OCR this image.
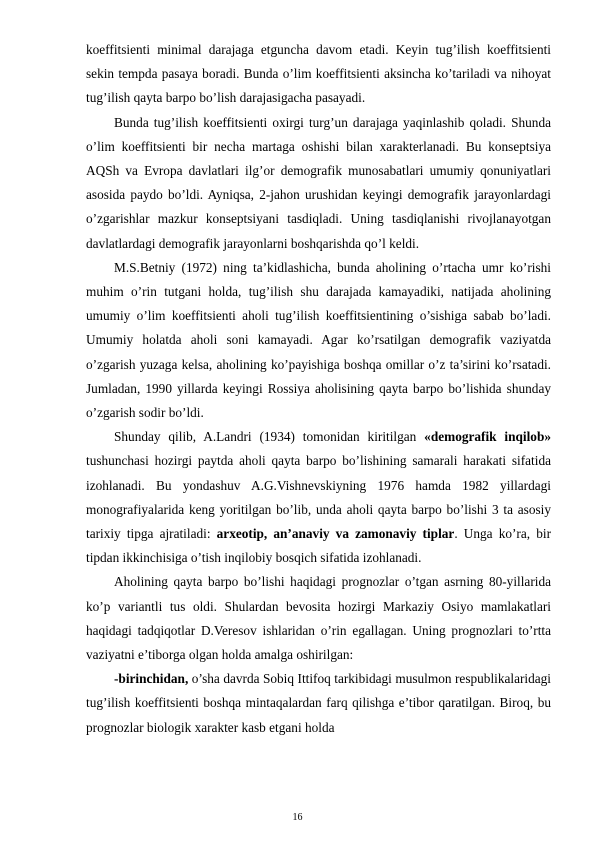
koeffitsienti minimal darajaga etguncha davom etadi. Keyin tug’ilish koeffitsienti sekin tempda pasaya boradi. Bunda o’lim koeffitsienti aksincha ko’tariladi va nihoyat tug’ilish qayta barpo bo’lish darajasigacha pasayadi.

Bunda tug’ilish koeffitsienti oxirgi turg’un darajaga yaqinlashib qoladi. Shunda o’lim koeffitsienti bir necha martaga oshishi bilan xarakterlanadi. Bu konseptsiya AQSh va Evropa davlatlari ilg’or demografik munosabatlari umumiy qonuniyatlari asosida paydo bo’ldi. Ayniqsa, 2-jahon urushidan keyingi demografik jarayonlardagi o’zgarishlar mazkur konseptsiyani tasdiqladi. Uning tasdiqlanishi rivojlanayotgan davlatlardagi demografik jarayonlarni boshqarishda qo’l keldi.

M.S.Betniy (1972) ning ta’kidlashicha, bunda aholining o’rtacha umr ko’rishi muhim o’rin tutgani holda, tug’ilish shu darajada kamayadiki, natijada aholining umumiy o’lim koeffitsienti aholi tug’ilish koeffitsientining o’sishiga sabab bo’ladi. Umumiy holatda aholi soni kamayadi. Agar ko’rsatilgan demografik vaziyatda o’zgarish yuzaga kelsa, aholining ko’payishiga boshqa omillar o’z ta’sirini ko’rsatadi. Jumladan, 1990 yillarda keyingi Rossiya aholisining qayta barpo bo’lishida shunday o’zgarish sodir bo’ldi.

Shunday qilib, A.Landri (1934) tomonidan kiritilgan «demografik inqilob» tushunchasi hozirgi paytda aholi qayta barpo bo’lishining samarali harakati sifatida izohlanadi. Bu yondashuv A.G.Vishnevskiyning 1976 hamda 1982 yillardagi monografiyalarida keng yoritilgan bo’lib, unda aholi qayta barpo bo’lishi 3 ta asosiy tarixiy tipga ajratiladi: arxeotip, an’anaviy va zamonaviy tiplar. Unga ko’ra, bir tipdan ikkinchisiga o’tish inqilobiy bosqich sifatida izohlanadi.

Aholining qayta barpo bo’lishi haqidagi prognozlar o’tgan asrning 80-yillarida ko’p variantli tus oldi. Shulardan bevosita hozirgi Markaziy Osiyo mamlakatlari haqidagi tadqiqotlar D.Veresov ishlaridan o’rin egallagan. Uning prognozlari to’rtta vaziyatni e’tiborga olgan holda amalga oshirilgan:

-birinchidan, o’sha davrda Sobiq Ittifoq tarkibidagi musulmon respublikalaridagi tug’ilish koeffitsienti boshqa mintaqalardan farq qilishga e’tibor qaratilgan. Biroq, bu prognozlar biologik xarakter kasb etgani holda

16
